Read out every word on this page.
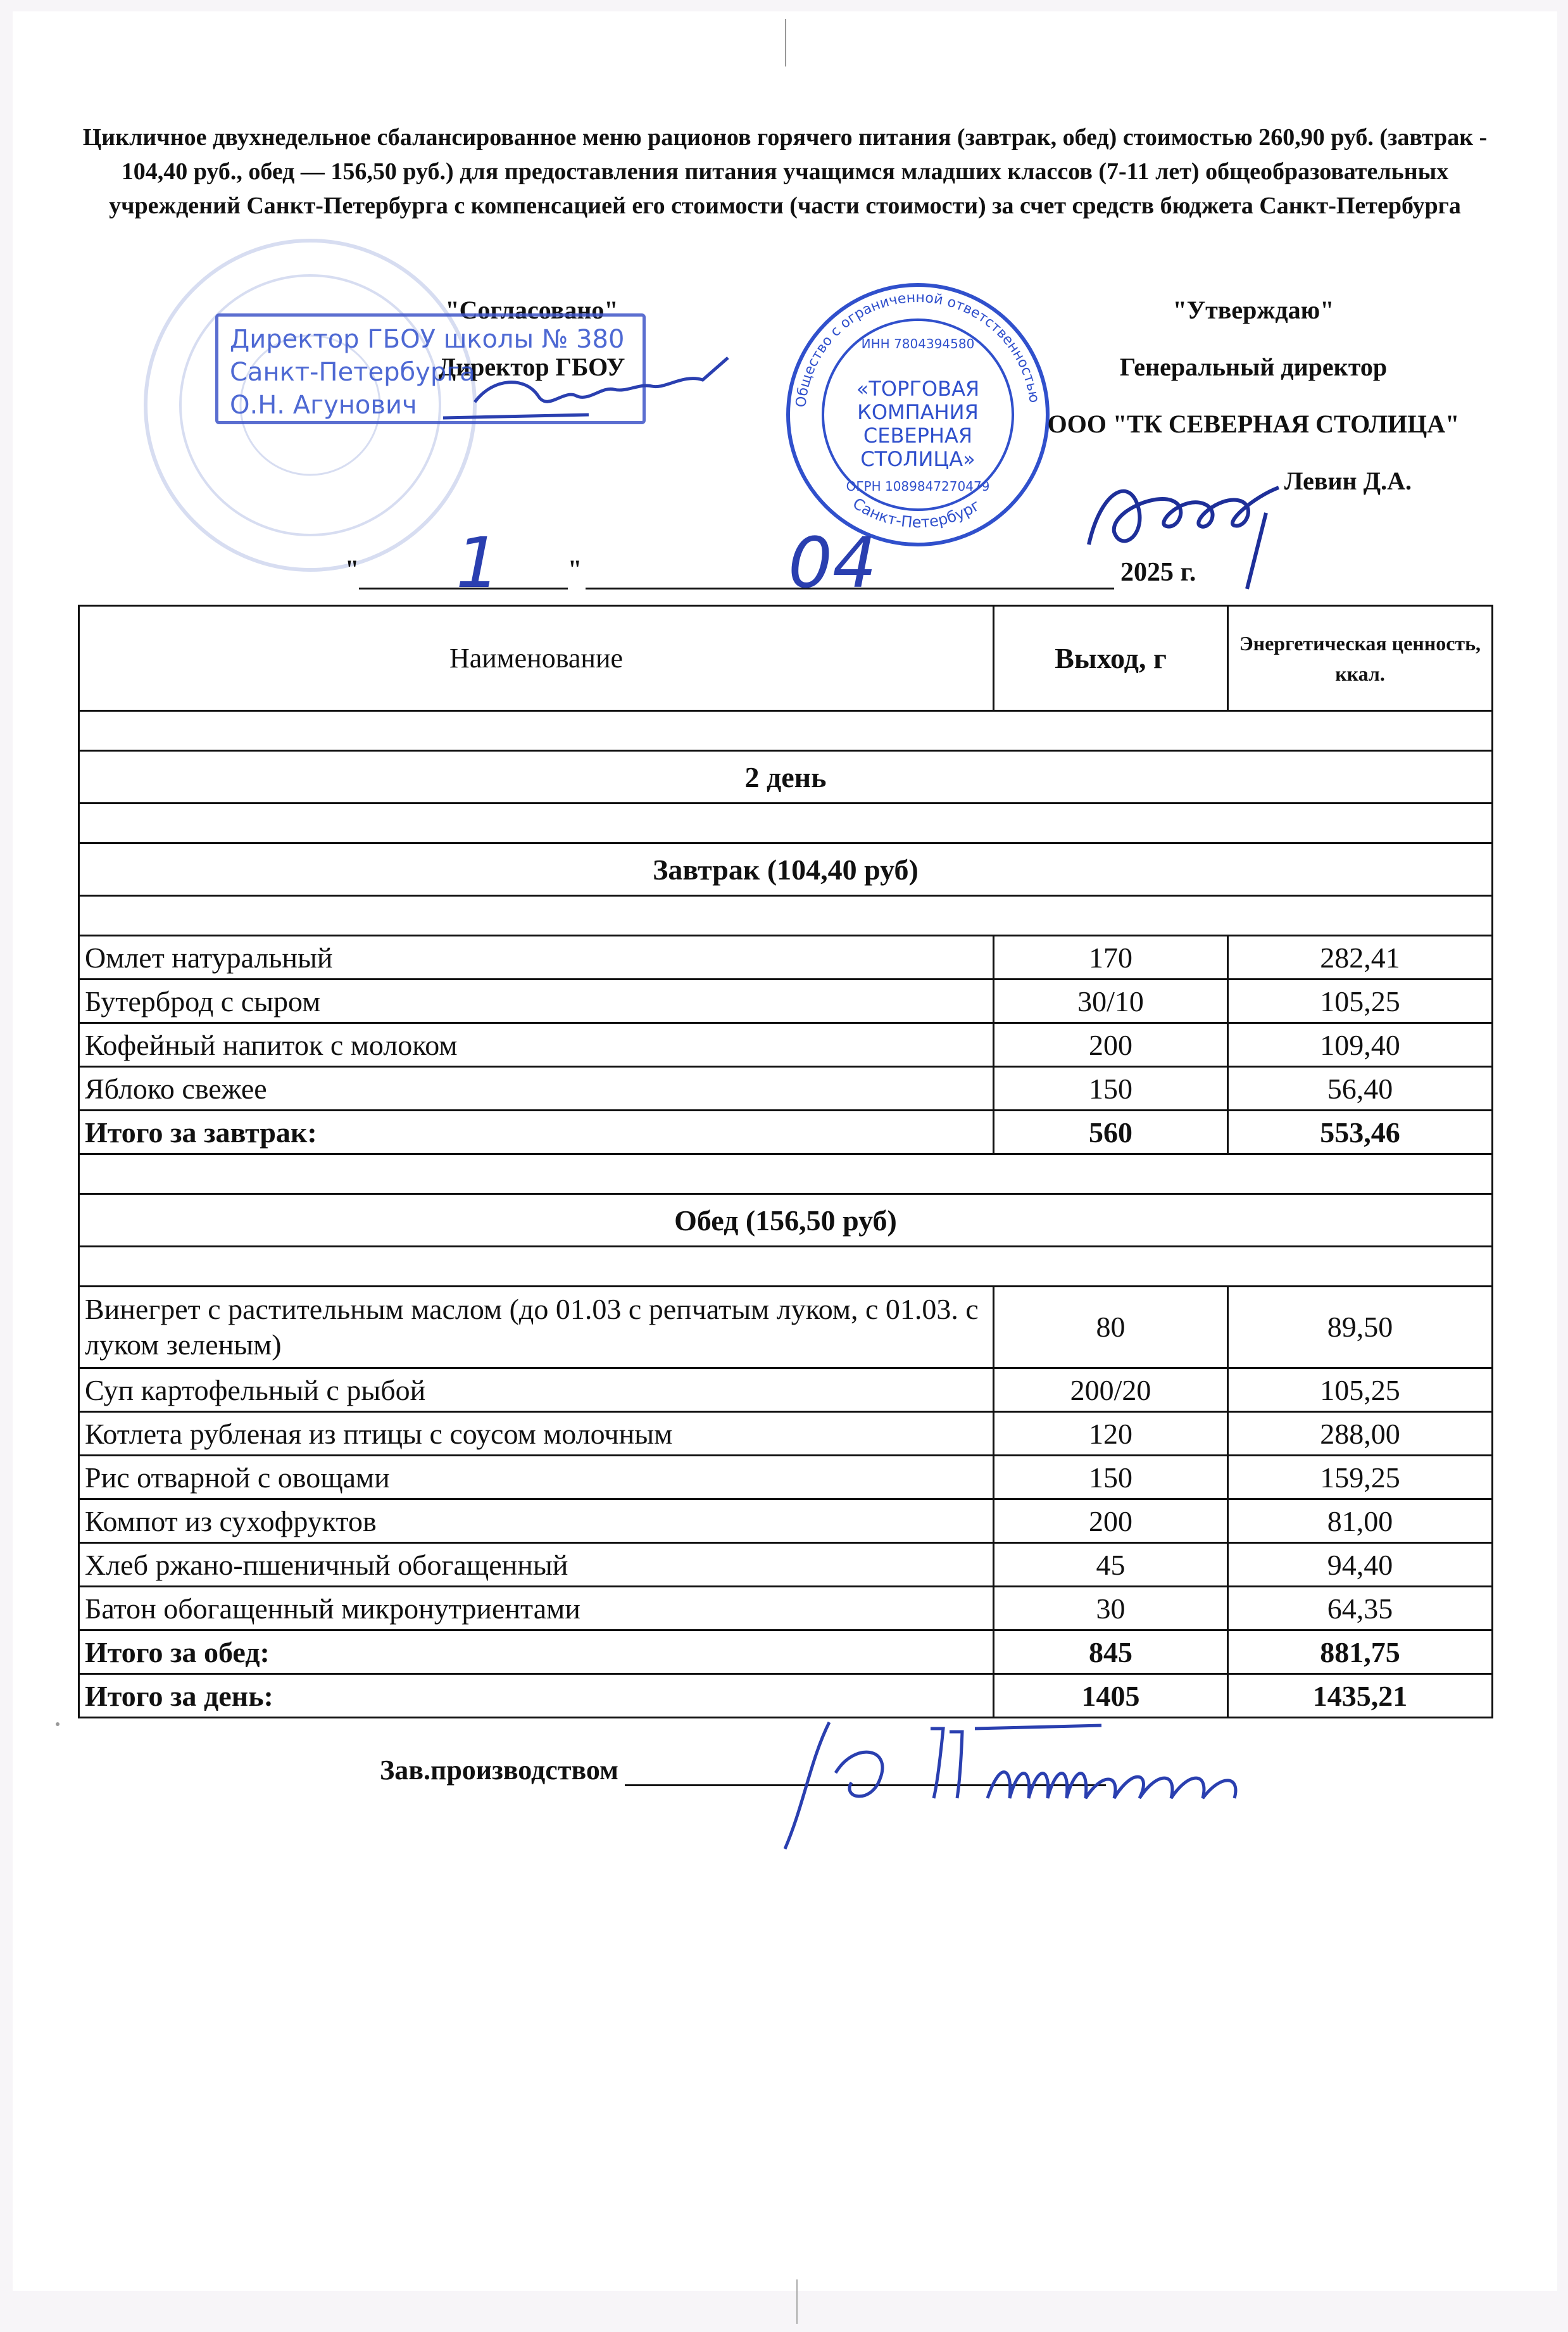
Цикличное двухнедельное сбалансированное меню рационов горячего питания (завтрак, обед) стоимостью 260,90 руб. (завтрак - 104,40 руб., обед — 156,50 руб.) для предоставления питания учащимся младших классов (7-11 лет) общеобразовательных учреждений Санкт-Петербурга с компенсацией его стоимости (части стоимости) за счет средств бюджета Санкт-Петербурга
"Согласовано"
Директор ГБОУ
Директор ГБОУ школы № 380
Санкт-Петербурга
О.Н. Агунович	Общество с ограниченной ответственностью
Санкт-Петербург
ИНН 7804394580
«ТОРГОВАЯ
КОМПАНИЯ
СЕВЕРНАЯ
СТОЛИЦА»
ОГРН 1089847270479
"Утверждаю"
Генеральный директор
ООО "ТК СЕВЕРНАЯ СТОЛИЦА"
Левин Д.А.
" 1	"	04	2025 г.
Наименование	Выход, г	Энергетическая ценность, ккал.

2 день		

Завтрак (104,40 руб)		

Омлет натуральный	170	282,41
Бутерброд с сыром	30/10	105,25
Кофейный напиток с молоком	200	109,40
Яблоко свежее	150	56,40
Итого за завтрак:	560	553,46

Обед (156,50 руб)		

Винегрет с растительным маслом (до 01.03 с репчатым луком, с 01.03. с луком зеленым)	80	89,50
Суп картофельный с рыбой	200/20	105,25
Котлета рубленая из птицы с соусом молочным	120	288,00
Рис отварной с овощами	150	159,25
Компот из сухофруктов	200	81,00
Хлеб ржано-пшеничный обогащенный	45	94,40
Батон обогащенный микронутриентами	30	64,35
Итого за обед:	845	881,75
Итого за день:	1405	1435,21
Зав.производством
